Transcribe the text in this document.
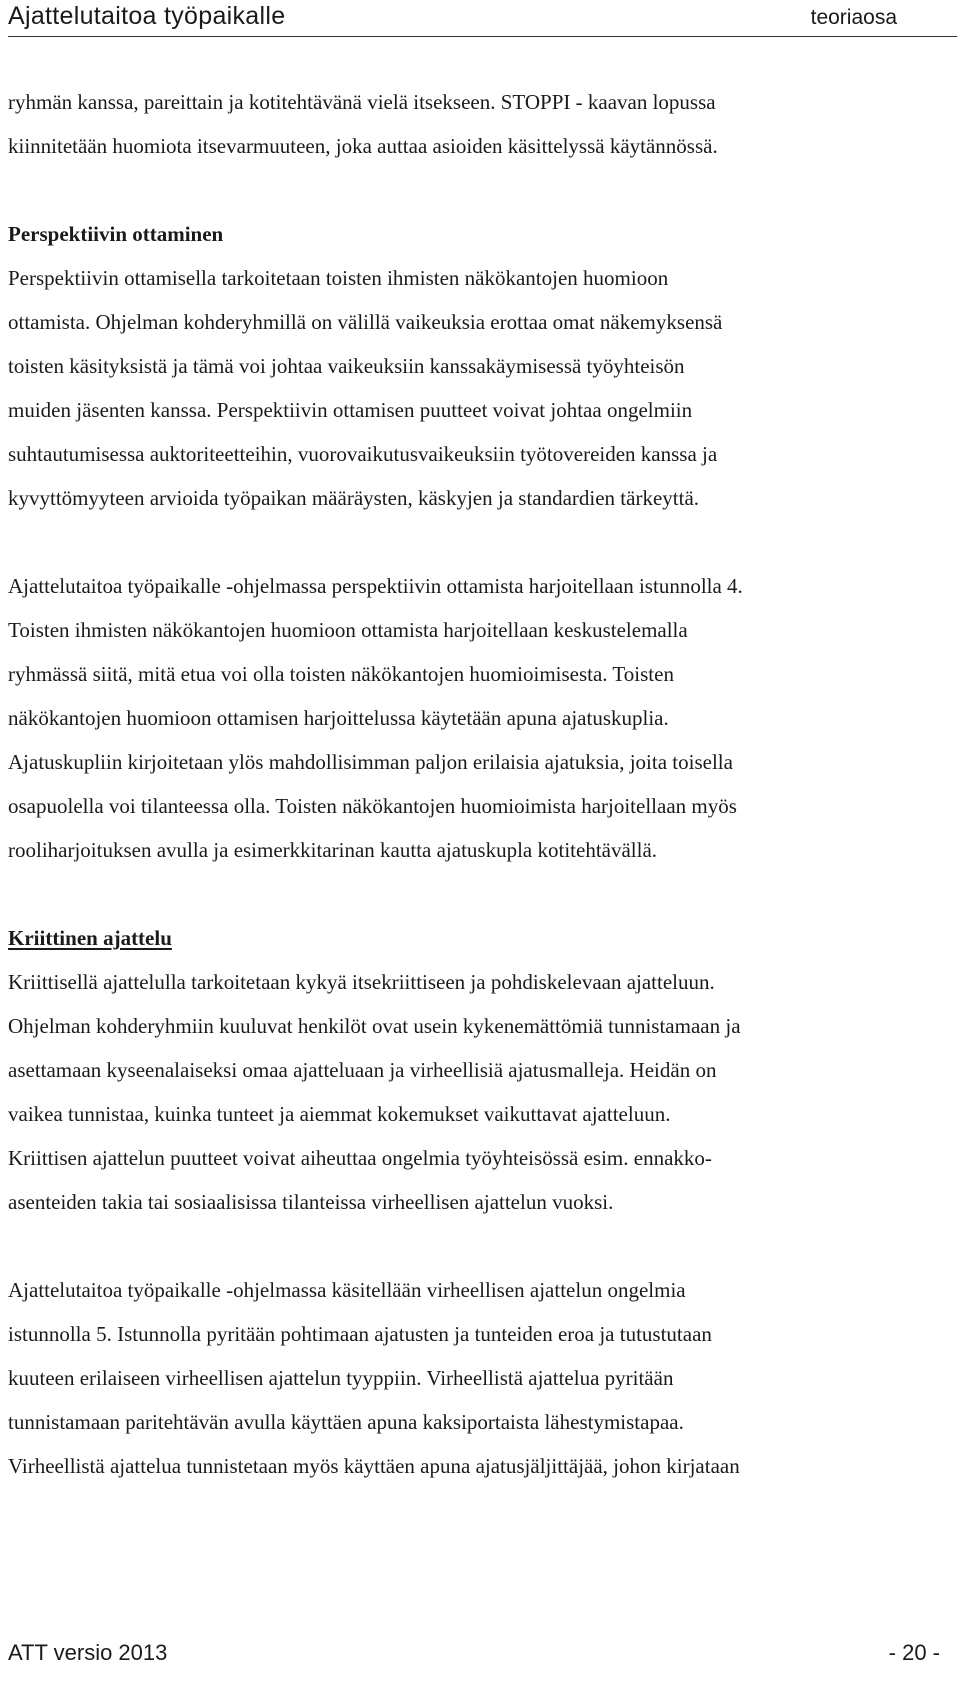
Ajattelutaitoa työpaikalle	teoriaosa

ryhmän kanssa, pareittain ja kotitehtävänä vielä itsekseen. STOPPI - kaavan lopussa

kiinnitetään huomiota itsevarmuuteen, joka auttaa asioiden käsittelyssä käytännössä.

Perspektiivin ottaminen

Perspektiivin ottamisella tarkoitetaan toisten ihmisten näkökantojen huomioon

ottamista. Ohjelman kohderyhmillä on välillä vaikeuksia erottaa omat näkemyksensä

toisten käsityksistä ja tämä voi johtaa vaikeuksiin kanssakäymisessä työyhteisön

muiden jäsenten kanssa. Perspektiivin ottamisen puutteet voivat johtaa ongelmiin

suhtautumisessa auktoriteetteihin, vuorovaikutusvaikeuksiin työtovereiden kanssa ja

kyvyttömyyteen arvioida työpaikan määräysten, käskyjen ja standardien tärkeyttä.

Ajattelutaitoa työpaikalle -ohjelmassa perspektiivin ottamista harjoitellaan istunnolla 4.

Toisten ihmisten näkökantojen huomioon ottamista harjoitellaan keskustelemalla

ryhmässä siitä, mitä etua voi olla toisten näkökantojen huomioimisesta. Toisten

näkökantojen huomioon ottamisen harjoittelussa käytetään apuna ajatuskuplia.

Ajatuskupliin kirjoitetaan ylös mahdollisimman paljon erilaisia ajatuksia, joita toisella

osapuolella voi tilanteessa olla. Toisten näkökantojen huomioimista harjoitellaan myös

rooliharjoituksen avulla ja esimerkkitarinan kautta ajatuskupla kotitehtävällä.

Kriittinen ajattelu

Kriittisellä ajattelulla tarkoitetaan kykyä itsekriittiseen ja pohdiskelevaan ajatteluun.

Ohjelman kohderyhmiin kuuluvat henkilöt ovat usein kykenemättömiä tunnistamaan ja

asettamaan kyseenalaiseksi omaa ajatteluaan ja virheellisiä ajatusmalleja. Heidän on

vaikea tunnistaa, kuinka tunteet ja aiemmat kokemukset vaikuttavat ajatteluun.

Kriittisen ajattelun puutteet voivat aiheuttaa ongelmia työyhteisössä esim. ennakko-

asenteiden takia tai sosiaalisissa tilanteissa virheellisen ajattelun vuoksi.

Ajattelutaitoa työpaikalle -ohjelmassa käsitellään virheellisen ajattelun ongelmia

istunnolla 5. Istunnolla pyritään pohtimaan ajatusten ja tunteiden eroa ja tutustutaan

kuuteen erilaiseen virheellisen ajattelun tyyppiin. Virheellistä ajattelua pyritään

tunnistamaan paritehtävän avulla käyttäen apuna kaksiportaista lähestymistapaa.

Virheellistä ajattelua tunnistetaan myös käyttäen apuna ajatusjäljittäjää, johon kirjataan

ATT versio 2013	- 20 -
